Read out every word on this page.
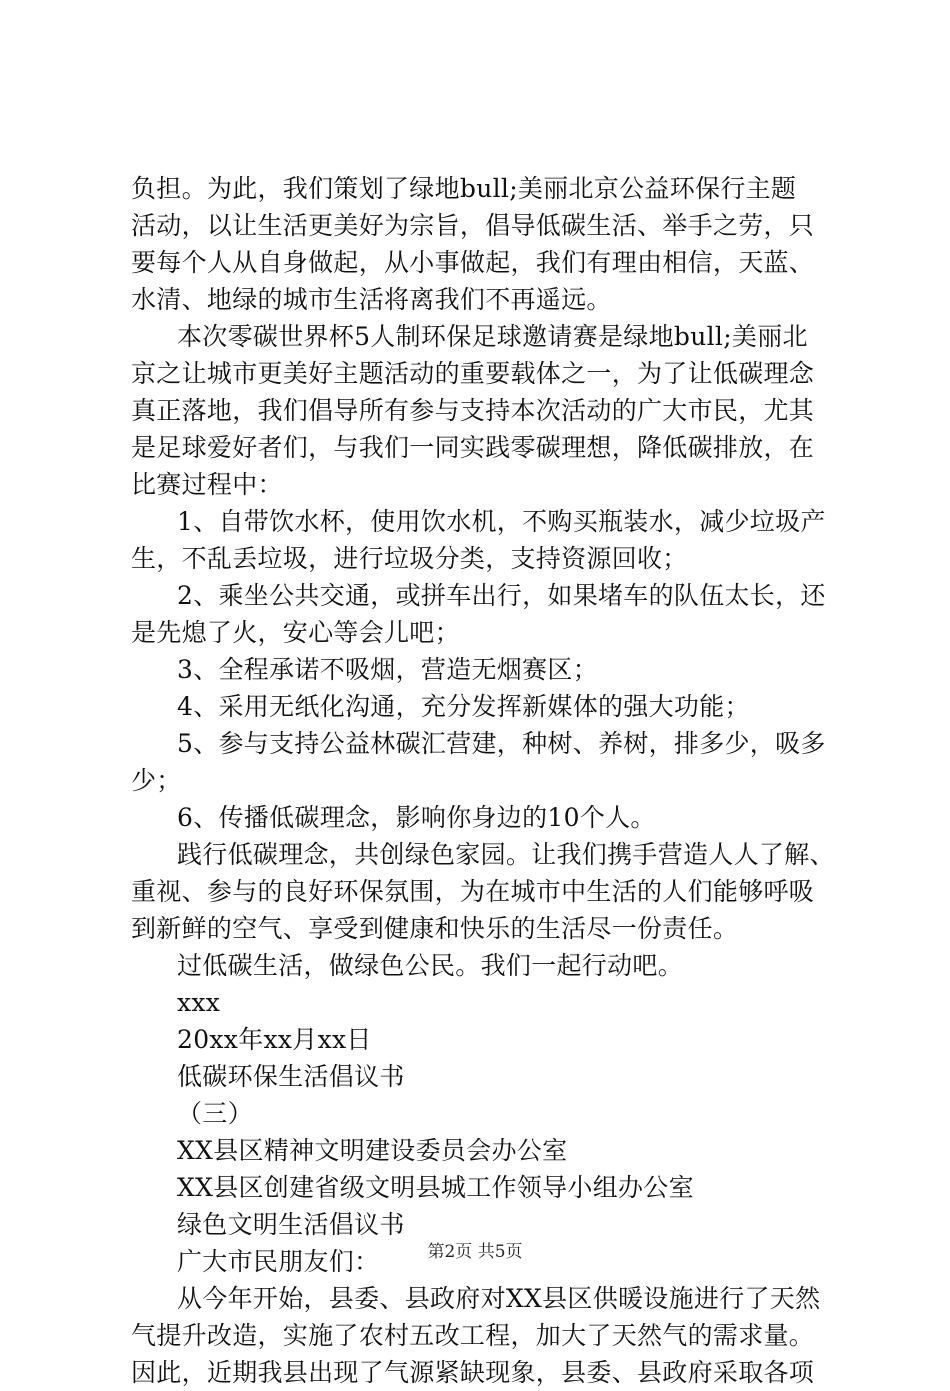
负担。为此，我们策划了绿地bull;美丽北京公益环保行主题
活动，以让生活更美好为宗旨，倡导低碳生活、举手之劳，只
要每个人从自身做起，从小事做起，我们有理由相信，天蓝、
水清、地绿的城市生活将离我们不再遥远。
本次零碳世界杯5人制环保足球邀请赛是绿地bull;美丽北
京之让城市更美好主题活动的重要载体之一，为了让低碳理念
真正落地，我们倡导所有参与支持本次活动的广大市民，尤其
是足球爱好者们，与我们一同实践零碳理想，降低碳排放，在
比赛过程中：
1、自带饮水杯，使用饮水机，不购买瓶装水，减少垃圾产
生，不乱丢垃圾，进行垃圾分类，支持资源回收；
2、乘坐公共交通，或拼车出行，如果堵车的队伍太长，还
是先熄了火，安心等会儿吧；
3、全程承诺不吸烟，营造无烟赛区；
4、采用无纸化沟通，充分发挥新媒体的强大功能；
5、参与支持公益林碳汇营建，种树、养树，排多少，吸多
少；
6、传播低碳理念，影响你身边的10个人。
践行低碳理念，共创绿色家园。让我们携手营造人人了解、
重视、参与的良好环保氛围，为在城市中生活的人们能够呼吸
到新鲜的空气、享受到健康和快乐的生活尽一份责任。
过低碳生活，做绿色公民。我们一起行动吧。
xxx
20xx年xx月xx日
低碳环保生活倡议书
（三）
XX县区精神文明建设委员会办公室
XX县区创建省级文明县城工作领导小组办公室
绿色文明生活倡议书
广大市民朋友们：
从今年开始，县委、县政府对XX县区供暖设施进行了天然
气提升改造，实施了农村五改工程，加大了天然气的需求量。
因此，近期我县出现了气源紧缺现象，县委、县政府采取各项
第2页 共5页
